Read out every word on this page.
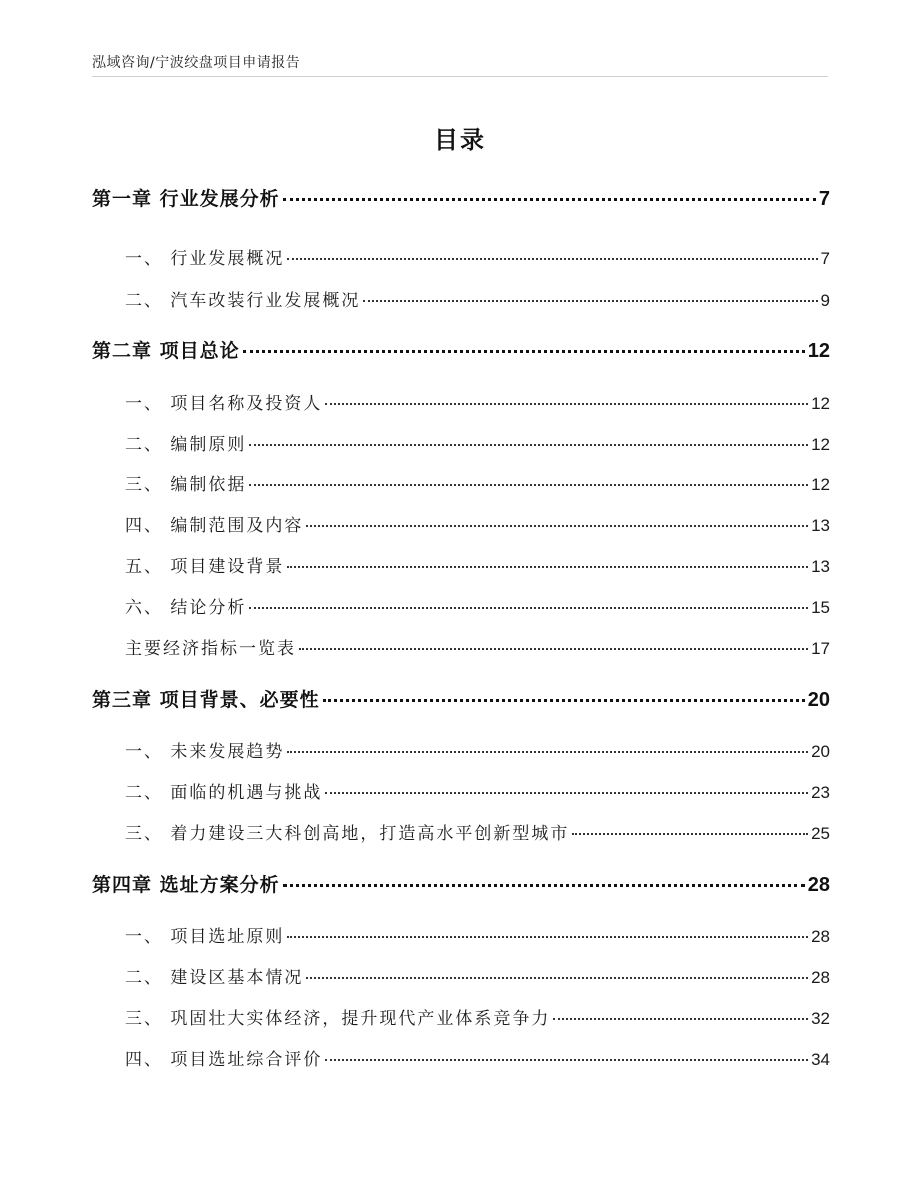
泓域咨询/宁波绞盘项目申请报告
目录
第一章 行业发展分析	7
一、 行业发展概况	7
二、 汽车改装行业发展概况	9
第二章 项目总论	12
一、 项目名称及投资人	12
二、 编制原则	12
三、 编制依据	12
四、 编制范围及内容	13
五、 项目建设背景	13
六、 结论分析	15
主要经济指标一览表	17
第三章 项目背景、必要性	20
一、 未来发展趋势	20
二、 面临的机遇与挑战	23
三、 着力建设三大科创高地，打造高水平创新型城市	25
第四章 选址方案分析	28
一、 项目选址原则	28
二、 建设区基本情况	28
三、 巩固壮大实体经济，提升现代产业体系竞争力	32
四、 项目选址综合评价	34
